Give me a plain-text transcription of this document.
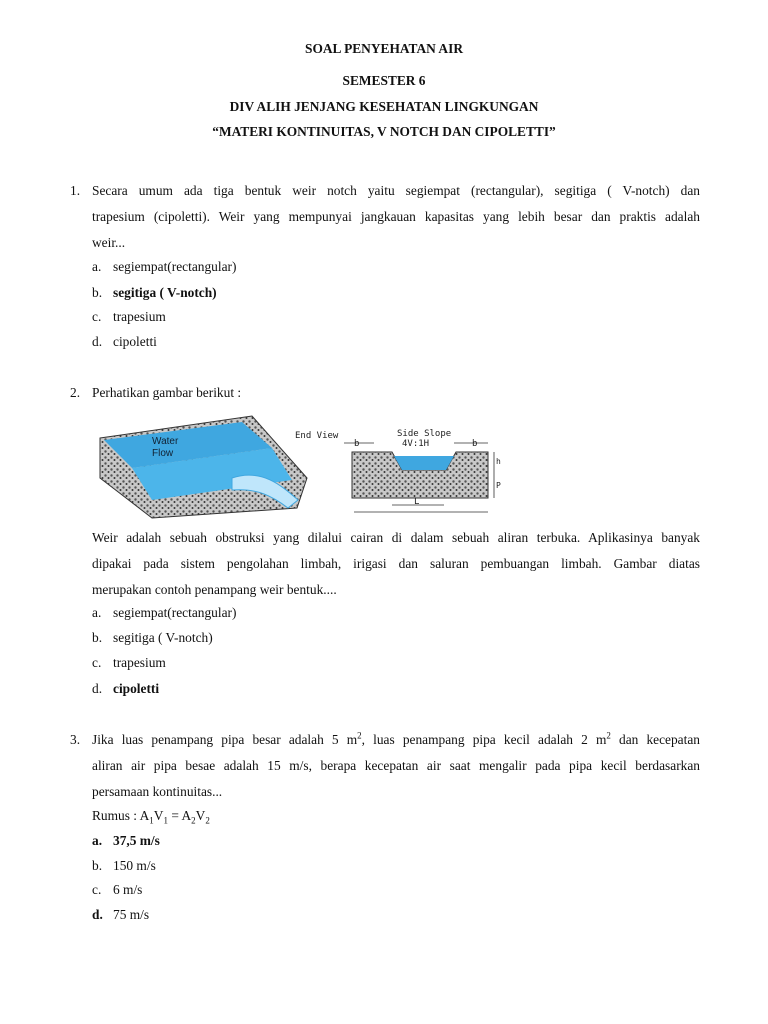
SOAL PENYEHATAN AIR
SEMESTER 6
DIV ALIH JENJANG KESEHATAN LINGKUNGAN
“MATERI KONTINUITAS, V NOTCH DAN CIPOLETTI”
1. Secara umum ada tiga bentuk weir notch yaitu segiempat (rectangular), segitiga ( V-notch) dan
trapesium (cipoletti). Weir yang mempunyai jangkauan kapasitas yang lebih besar dan praktis adalah
weir...
a. segiempat(rectangular)
b. segitiga ( V-notch)
c. trapesium
d. cipoletti
2. Perhatikan gambar berikut :
Water
Flow
End View	Side Slope
4V:1H
b	b
h
P
L
Weir adalah sebuah obstruksi yang dilalui cairan di dalam sebuah aliran terbuka. Aplikasinya banyak
dipakai pada sistem pengolahan limbah, irigasi dan saluran pembuangan limbah. Gambar diatas
merupakan contoh penampang weir bentuk....
a. segiempat(rectangular)
b. segitiga ( V-notch)
c. trapesium
d. cipoletti
3. Jika luas penampang pipa besar adalah 5 $m^2$, luas penampang pipa kecil adalah 2 $m^2$ dan kecepatan
aliran air pipa besae adalah 15 m/s, berapa kecepatan air saat mengalir pada pipa kecil berdasarkan
persamaan kontinuitas...
Rumus : $A_1V_1 = A_2V_2$
a. 37,5 m/s
b. 150 m/s
c. 6 m/s
d. 75 m/s
